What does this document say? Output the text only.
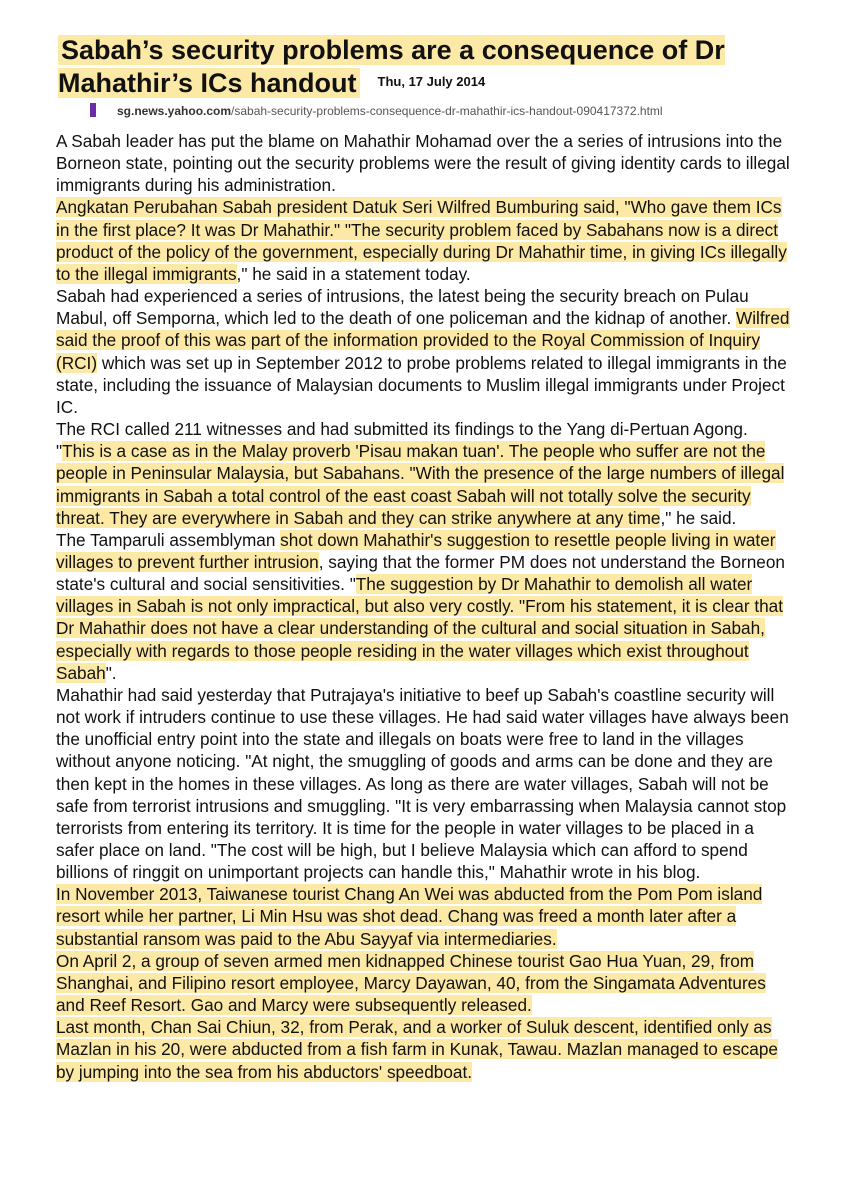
Sabah’s security problems are a consequence of Dr Mahathir’s ICs handout $^{Thu, 17 July 2014}$
sg.news.yahoo.com/sabah-security-problems-consequence-dr-mahathir-ics-handout-090417372.html

A Sabah leader has put the blame on Mahathir Mohamad over the a series of intrusions into the Borneon state, pointing out the security problems were the result of giving identity cards to illegal immigrants during his administration.

Angkatan Perubahan Sabah president Datuk Seri Wilfred Bumburing said, "Who gave them ICs in the first place? It was Dr Mahathir." "The security problem faced by Sabahans now is a direct product of the policy of the government, especially during Dr Mahathir time, in giving ICs illegally to the illegal immigrants," he said in a statement today.

Sabah had experienced a series of intrusions, the latest being the security breach on Pulau Mabul, off Semporna, which led to the death of one policeman and the kidnap of another. Wilfred said the proof of this was part of the information provided to the Royal Commission of Inquiry (RCI) which was set up in September 2012 to probe problems related to illegal immigrants in the state, including the issuance of Malaysian documents to Muslim illegal immigrants under Project IC.

The RCI called 211 witnesses and had submitted its findings to the Yang di-Pertuan Agong.

"This is a case as in the Malay proverb 'Pisau makan tuan'. The people who suffer are not the people in Peninsular Malaysia, but Sabahans. "With the presence of the large numbers of illegal immigrants in Sabah a total control of the east coast Sabah will not totally solve the security threat. They are everywhere in Sabah and they can strike anywhere at any time," he said.

The Tamparuli assemblyman shot down Mahathir's suggestion to resettle people living in water villages to prevent further intrusion, saying that the former PM does not understand the Borneon state's cultural and social sensitivities. "The suggestion by Dr Mahathir to demolish all water villages in Sabah is not only impractical, but also very costly. "From his statement, it is clear that Dr Mahathir does not have a clear understanding of the cultural and social situation in Sabah, especially with regards to those people residing in the water villages which exist throughout Sabah".

Mahathir had said yesterday that Putrajaya's initiative to beef up Sabah's coastline security will not work if intruders continue to use these villages. He had said water villages have always been the unofficial entry point into the state and illegals on boats were free to land in the villages without anyone noticing. "At night, the smuggling of goods and arms can be done and they are then kept in the homes in these villages. As long as there are water villages, Sabah will not be safe from terrorist intrusions and smuggling. "It is very embarrassing when Malaysia cannot stop terrorists from entering its territory. It is time for the people in water villages to be placed in a safer place on land. "The cost will be high, but I believe Malaysia which can afford to spend billions of ringgit on unimportant projects can handle this," Mahathir wrote in his blog.

In November 2013, Taiwanese tourist Chang An Wei was abducted from the Pom Pom island resort while her partner, Li Min Hsu was shot dead. Chang was freed a month later after a substantial ransom was paid to the Abu Sayyaf via intermediaries.

On April 2, a group of seven armed men kidnapped Chinese tourist Gao Hua Yuan, 29, from Shanghai, and Filipino resort employee, Marcy Dayawan, 40, from the Singamata Adventures and Reef Resort. Gao and Marcy were subsequently released.

Last month, Chan Sai Chiun, 32, from Perak, and a worker of Suluk descent, identified only as Mazlan in his 20, were abducted from a fish farm in Kunak, Tawau. Mazlan managed to escape by jumping into the sea from his abductors' speedboat.
